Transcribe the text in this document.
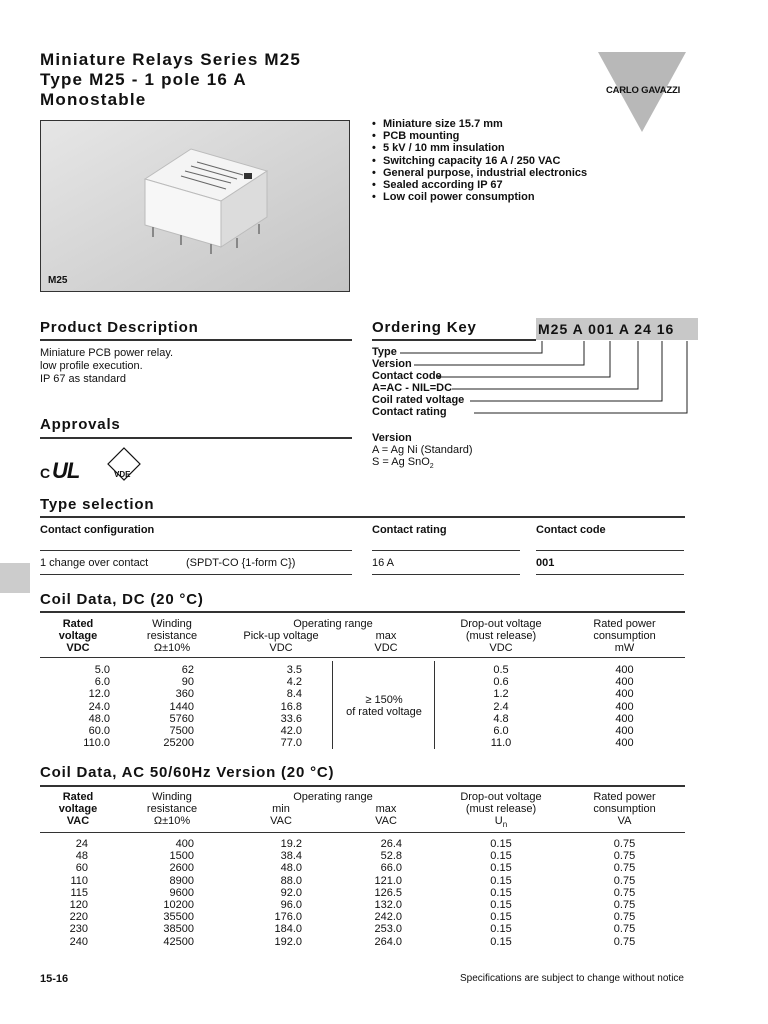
Miniature Relays Series M25
Type M25 - 1 pole 16 A
Monostable	CARLO GAVAZZI
M25
• Miniature size 15.7 mm
• PCB mounting
• 5 kV / 10 mm insulation
• Switching capacity 16 A / 250 VAC
• General purpose, industrial electronics
• Sealed according IP 67
• Low coil power consumption
Product Description
Miniature PCB power relay.
low profile execution.
IP 67 as standard
Ordering Key	M25 A 001 A 24 16
Type
Version
Contact code
A=AC - NIL=DC
Coil rated voltage
Contact rating
Version
A = Ag Ni (Standard)
S = Ag SnO$_2$
Approvals
C UL	VDE
Type selection
Contact configuration	Contact rating	Contact code
1 change over contact	(SPDT-CO {1-form C})	16 A	001
Coil Data, DC (20 °C)
Rated	Winding	Operating range		Drop-out voltage	Rated power
voltage	resistance	Pick-up voltage	max	(must release)	consumption
VDC	Ω±10%	VDC	VDC	VDC	mW
5.0	62	3.5		0.5	400
6.0	90	4.2		0.6	400
12.0	360	8.4		1.2	400
24.0	1440	16.8		2.4	400
48.0	5760	33.6		4.8	400
60.0	7500	42.0		6.0	400
110.0	25200	77.0		11.0	400
≥ 150%
of rated voltage
Coil Data, AC 50/60Hz Version (20 °C)
Rated	Winding	Operating range		Drop-out voltage	Rated power
voltage	resistance	min	max	(must release)	consumption
VAC	Ω±10%	VAC	VAC	$U_n$	VA
24	400	19.2	26.4	0.15	0.75
48	1500	38.4	52.8	0.15	0.75
60	2600	48.0	66.0	0.15	0.75
110	8900	88.0	121.0	0.15	0.75
115	9600	92.0	126.5	0.15	0.75
120	10200	96.0	132.0	0.15	0.75
220	35500	176.0	242.0	0.15	0.75
230	38500	184.0	253.0	0.15	0.75
240	42500	192.0	264.0	0.15	0.75
15-16	Specifications are subject to change without notice
